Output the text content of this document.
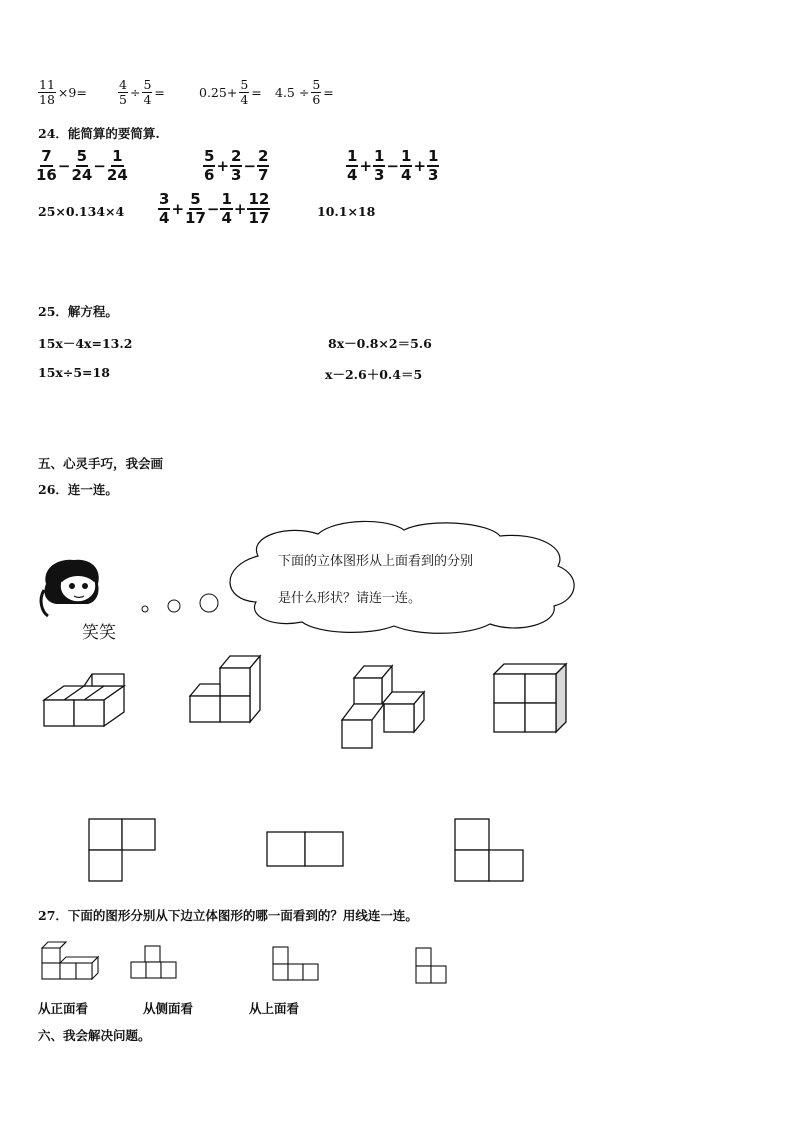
$\frac{11}{18} \times 9= \frac{4}{5} \div \frac{5}{4}$ =	$0.25+ \frac{5}{4} = 4.5 \div \frac{5}{6}$ =
24．能简算的要简算.
$\frac{7}{16} - \frac{5}{24} - \frac{1}{24}$	$\frac{5}{6} + \frac{2}{3} - \frac{2}{7}$	$\frac{1}{4} + \frac{1}{3} - \frac{1}{4} + \frac{1}{3}$
$25\times 0.134\times 4 \frac{3}{4} + \frac{5}{17} - \frac{1}{4} + \frac{12}{17}$	10.1×18
25．解方程。
15x－4x=13.2	8x－0.8×2＝5.6
15x÷5=18	x－2.6＋0.4＝5
五、心灵手巧，我会画
26．连一连。
笑笑
下面的立体图形从上面看到的分别
是什么形状？请连一连。
27．下面的图形分别从下边立体图形的哪一面看到的？用线连一连。
从正面看	从侧面看	从上面看
六、我会解决问题。
